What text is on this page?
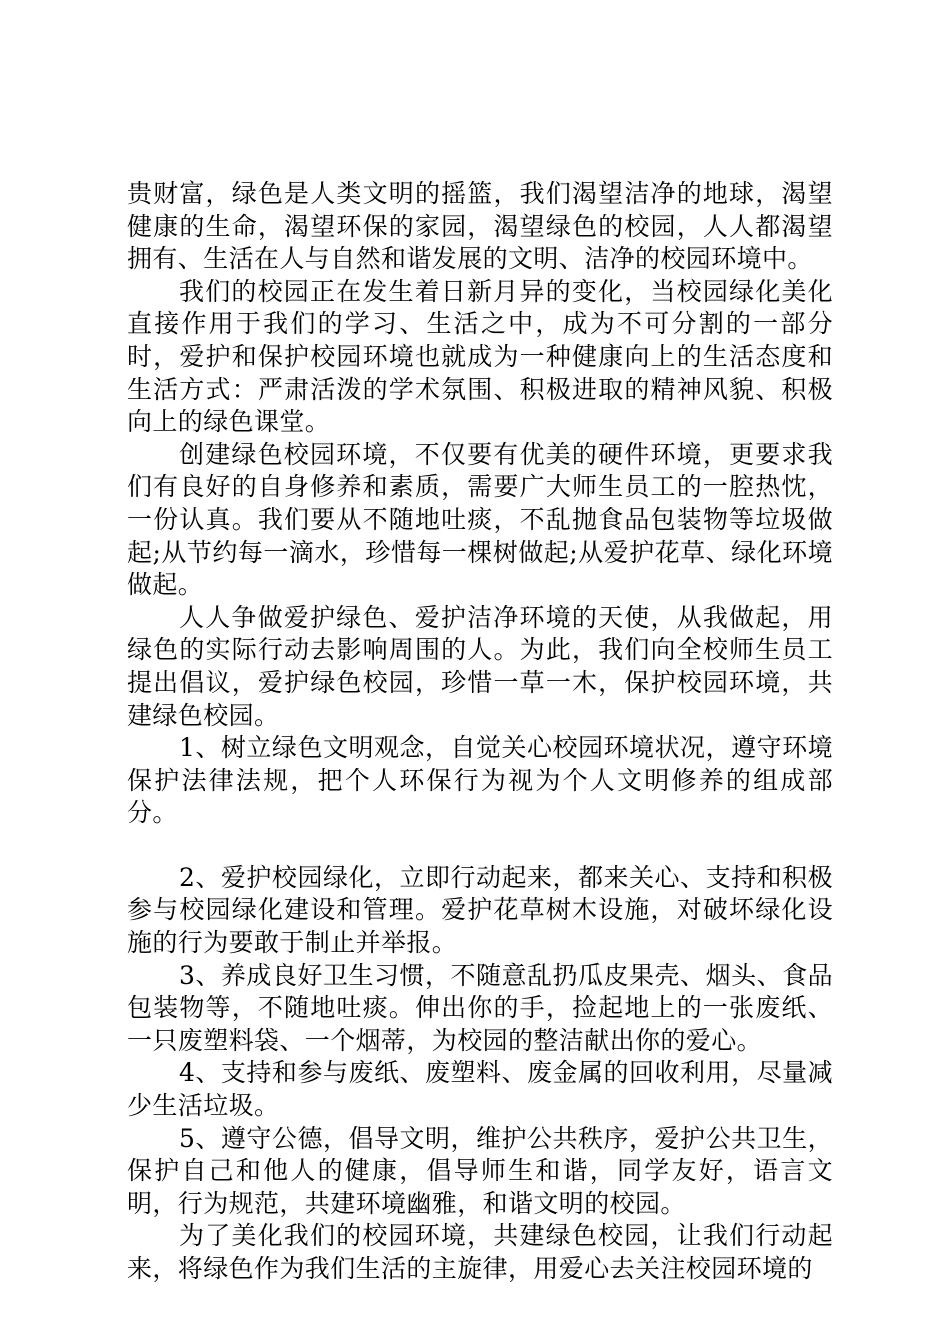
贵财富，绿色是人类文明的摇篮，我们渴望洁净的地球，渴望健康的生命，渴望环保的家园，渴望绿色的校园，人人都渴望拥有、生活在人与自然和谐发展的文明、洁净的校园环境中。

我们的校园正在发生着日新月异的变化，当校园绿化美化直接作用于我们的学习、生活之中，成为不可分割的一部分时，爱护和保护校园环境也就成为一种健康向上的生活态度和生活方式：严肃活泼的学术氛围、积极进取的精神风貌、积极向上的绿色课堂。

创建绿色校园环境，不仅要有优美的硬件环境，更要求我们有良好的自身修养和素质，需要广大师生员工的一腔热忱，一份认真。我们要从不随地吐痰，不乱抛食品包装物等垃圾做起;从节约每一滴水，珍惜每一棵树做起;从爱护花草、绿化环境做起。

人人争做爱护绿色、爱护洁净环境的天使，从我做起，用绿色的实际行动去影响周围的人。为此，我们向全校师生员工提出倡议，爱护绿色校园，珍惜一草一木，保护校园环境，共建绿色校园。

1、树立绿色文明观念，自觉关心校园环境状况，遵守环境保护法律法规，把个人环保行为视为个人文明修养的组成部分。

2、爱护校园绿化，立即行动起来，都来关心、支持和积极参与校园绿化建设和管理。爱护花草树木设施，对破坏绿化设施的行为要敢于制止并举报。

3、养成良好卫生习惯，不随意乱扔瓜皮果壳、烟头、食品包装物等，不随地吐痰。伸出你的手，捡起地上的一张废纸、一只废塑料袋、一个烟蒂，为校园的整洁献出你的爱心。

4、支持和参与废纸、废塑料、废金属的回收利用，尽量减少生活垃圾。

5、遵守公德，倡导文明，维护公共秩序，爱护公共卫生，保护自己和他人的健康，倡导师生和谐，同学友好，语言文明，行为规范，共建环境幽雅，和谐文明的校园。

为了美化我们的校园环境，共建绿色校园，让我们行动起来，将绿色作为我们生活的主旋律，用爱心去关注校园环境的
